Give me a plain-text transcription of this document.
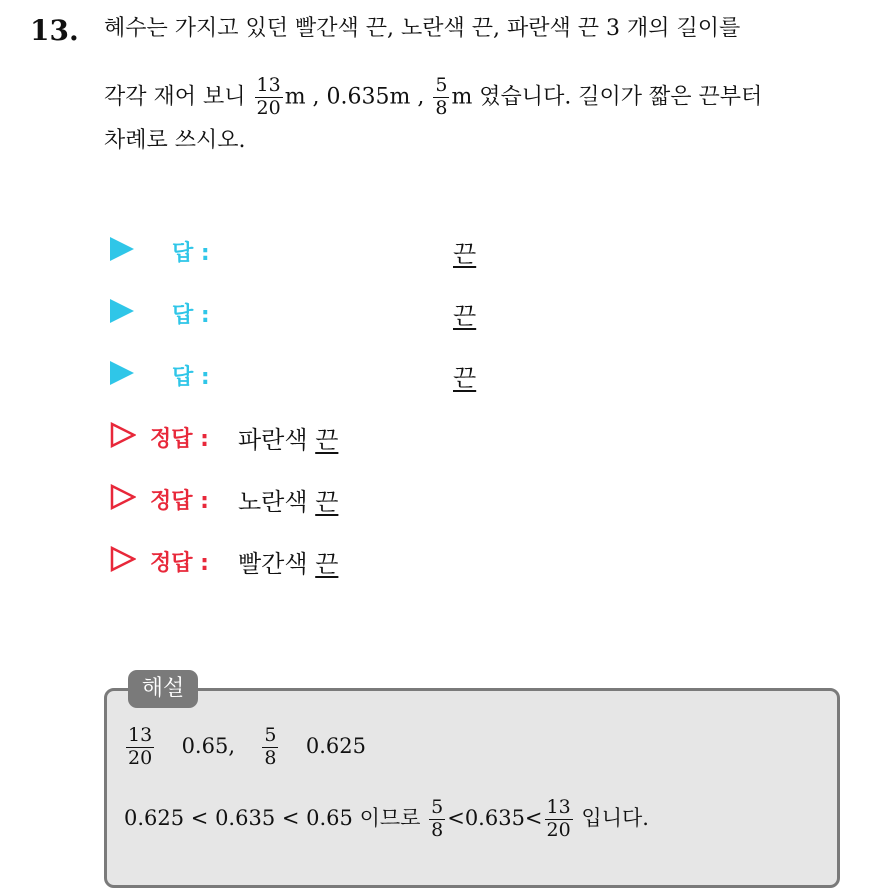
13. 혜수는 가지고 있던 빨간색 끈, 노란색 끈, 파란색 끈 3 개의 길이를
각각 재어 보니 $\frac{13}{20}$ m , 0.635m , $\frac{5}{8}$ m 였습니다. 길이가 짧은 끈부터
차례로 쓰시오.
답 :	끈
답 :	끈
답 :	끈
정답 : 파란색 끈
정답 : 노란색 끈
정답 : 빨간색 끈
해설
$\frac{13}{20} 0.65$, $\frac{5}{8} 0.625$
0.625 < 0.635 < 0.65 이므로 $\frac{5}{8} <0.635< \frac{13}{20}$ 입니다.
